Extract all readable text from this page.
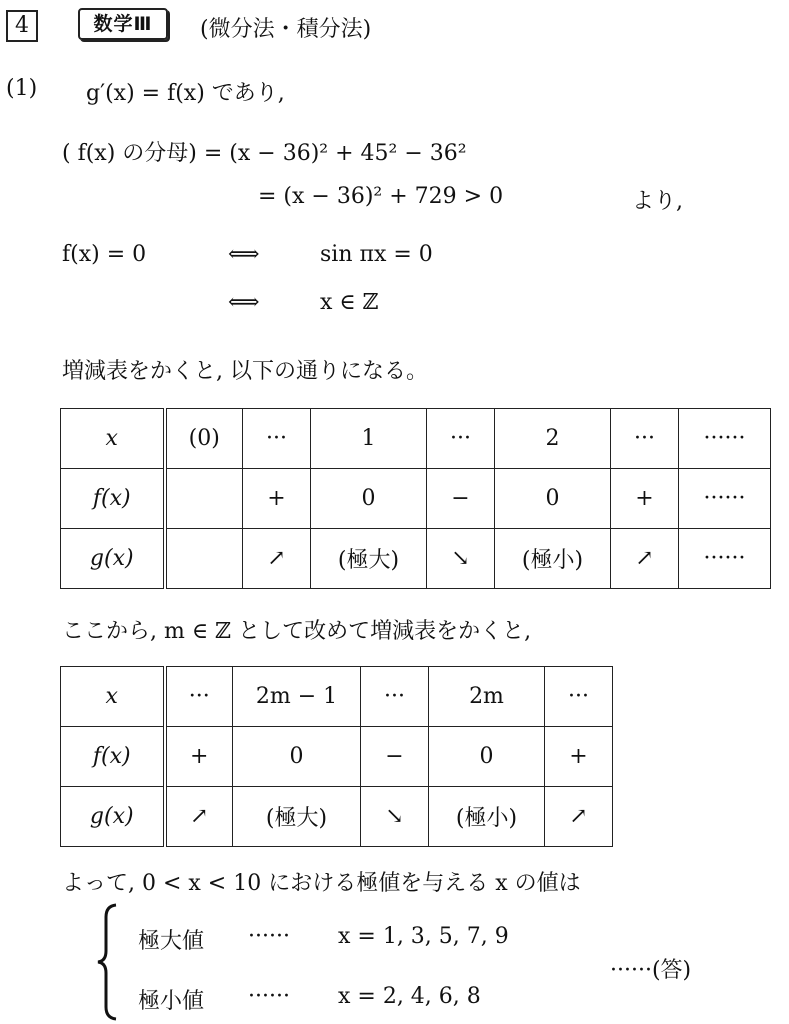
4	数学Ⅲ	(微分法・積分法)
(1) g′(x) = f(x) であり,
( f(x) の分母) = (x − 36)² + 45² − 36²
= (x − 36)² + 729 > 0	より,
f(x) = 0	⟺	sin πx = 0
⟺	x ∈ ℤ
増減表をかくと, 以下の通りになる。
x	(0)	···	1	···	2	···	······
f(x)		+	0	−	0	+	······
g(x)		↗	(極大)	↘	(極小)	↗	······
ここから, m ∈ ℤ として改めて増減表をかくと,
x	···	2m − 1	···	2m	···
f(x)	+	0	−	0	+
g(x)	↗	(極大)	↘	(極小)	↗
よって, 0 < x < 10 における極値を与える x の値は
極大値 ······ x = 1, 3, 5, 7, 9
極小値 ······ x = 2, 4, 6, 8
······(答)
